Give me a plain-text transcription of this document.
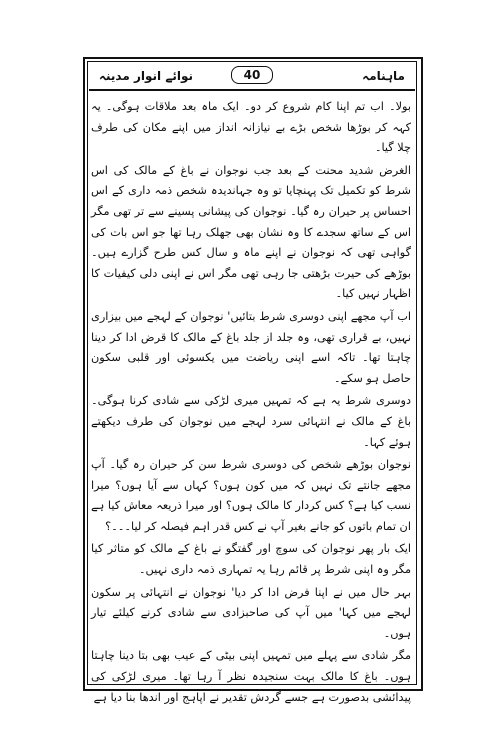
نوائے انوار مدینہ	40	ماہنامہ

بولا۔ اب تم اپنا کام شروع کر دو۔ ایک ماہ بعد ملاقات ہوگی۔ یہ کہہ کر بوڑھا شخص بڑے بے نیازانہ انداز میں اپنے مکان کی طرف چلا گیا۔

الغرض شدید محنت کے بعد جب نوجوان نے باغ کے مالک کی اس شرط کو تکمیل تک پہنچایا تو وہ جہاندیدہ شخص ذمہ داری کے اس احساس پر حیران رہ گیا۔ نوجوان کی پیشانی پسینے سے تر تھی مگر اس کے ساتھ سجدے کا وہ نشان بھی جھلک رہا تھا جو اس بات کی گواہی تھی کہ نوجوان نے اپنے ماہ و سال کس طرح گزارے ہیں۔ بوڑھے کی حیرت بڑھتی جا رہی تھی مگر اس نے اپنی دلی کیفیات کا اظہار نہیں کیا۔

اب آپ مجھے اپنی دوسری شرط بتائیں' نوجوان کے لہجے میں بیزاری نہیں، بے قراری تھی، وہ جلد از جلد باغ کے مالک کا قرض ادا کر دینا چاہتا تھا۔ تاکہ اسے اپنی ریاضت میں یکسوئی اور قلبی سکون حاصل ہو سکے۔

دوسری شرط یہ ہے کہ تمہیں میری لڑکی سے شادی کرنا ہوگی۔ باغ کے مالک نے انتہائی سرد لہجے میں نوجوان کی طرف دیکھتے ہوئے کہا۔

نوجوان بوڑھے شخص کی دوسری شرط سن کر حیران رہ گیا۔ آپ مجھے جانتے تک نہیں کہ میں کون ہوں؟ کہاں سے آیا ہوں؟ میرا نسب کیا ہے؟ کس کردار کا مالک ہوں؟ اور میرا ذریعہ معاش کیا ہے ان تمام باتوں کو جانے بغیر آپ نے کس قدر اہم فیصلہ کر لیا۔۔۔؟

ایک بار پھر نوجوان کی سوچ اور گفتگو نے باغ کے مالک کو متاثر کیا مگر وہ اپنی شرط پر قائم رہا یہ تمہاری ذمہ داری نہیں۔

بہر حال میں نے اپنا فرض ادا کر دیا' نوجوان نے انتہائی پر سکون لہجے میں کہا' میں آپ کی صاحبزادی سے شادی کرنے کیلئے تیار ہوں۔

مگر شادی سے پہلے میں تمہیں اپنی بیٹی کے عیب بھی بتا دینا چاہتا ہوں۔ باغ کا مالک بہت سنجیدہ نظر آ رہا تھا۔ میری لڑکی کی پیدائشی بدصورت ہے جسے گردش تقدیر نے اپاہج اور اندھا بنا دیا ہے
